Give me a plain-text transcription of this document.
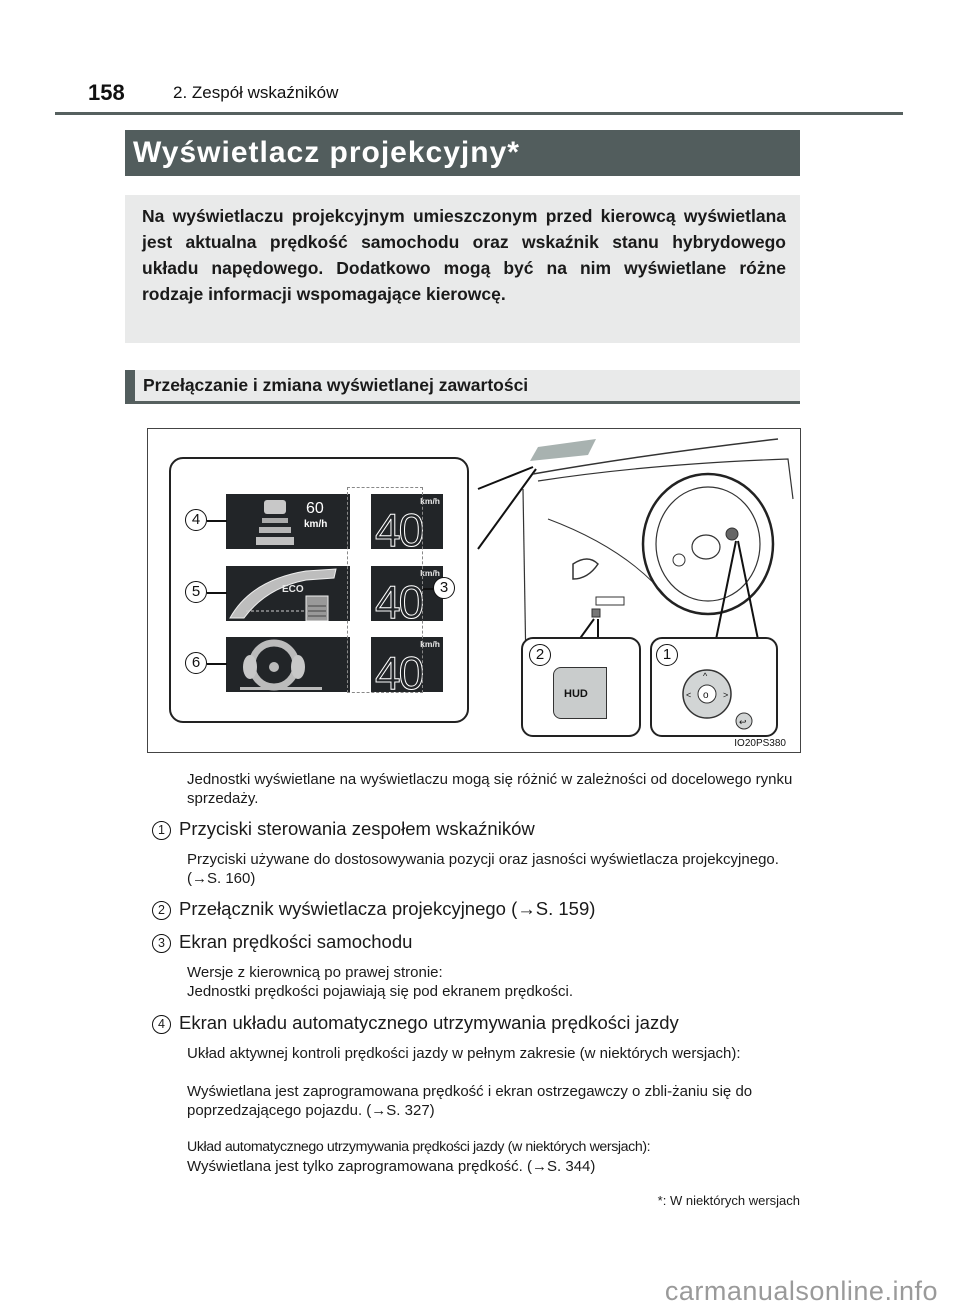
158	2. Zespół wskaźników
Wyświetlacz projekcyjny*

Na wyświetlaczu projekcyjnym umieszczonym przed kierowcą wyświetlana jest aktualna prędkość samochodu oraz wskaźnik stanu hybrydowego układu napędowego. Dodatkowo mogą być na nim wyświetlane różne rodzaje informacji wspomagające kierowcę.

Przełączanie i zmiana wyświetlanej zawartości
60
km/h
km/h
40
ECO
km/h
40
km/h
40
4
5
6
3
2
HUD
1
o
^
<	>
↩
IO20PS380
Jednostki wyświetlane na wyświetlaczu mogą się różnić w zależności od docelowego rynku sprzedaży.
1 Przyciski sterowania zespołem wskaźników
Przyciski używane do dostosowywania pozycji oraz jasności wyświetlacza projekcyjnego. (→S. 160)
2 Przełącznik wyświetlacza projekcyjnego (→S. 159)
3 Ekran prędkości samochodu
Wersje z kierownicą po prawej stronie:
Jednostki prędkości pojawiają się pod ekranem prędkości.
4 Ekran układu automatycznego utrzymywania prędkości jazdy
Układ aktywnej kontroli prędkości jazdy w pełnym zakresie (w niektórych wersjach):
Wyświetlana jest zaprogramowana prędkość i ekran ostrzegawczy o zbli-żaniu się do poprzedzającego pojazdu. (→S. 327)
Układ automatycznego utrzymywania prędkości jazdy (w niektórych wersjach):
Wyświetlana jest tylko zaprogramowana prędkość. (→S. 344)
*: W niektórych wersjach
carmanualsonline.info
